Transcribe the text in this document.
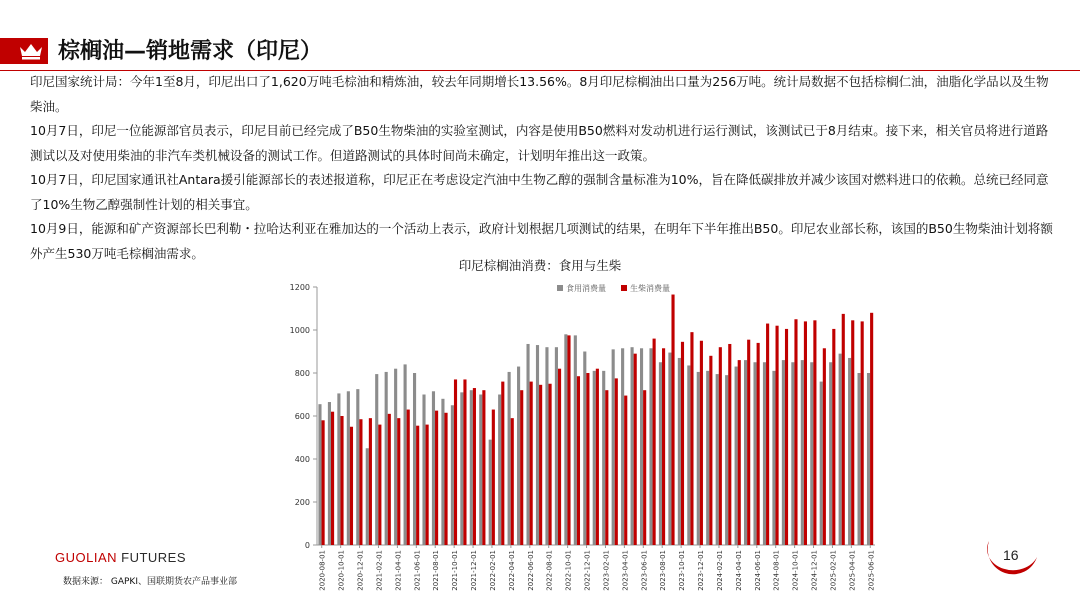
棕榈油—销地需求（印尼）

印尼国家统计局：今年1至8月，印尼出口了1,620万吨毛棕油和精炼油，较去年同期增长13.56%。8月印尼棕榈油出口量为256万吨。统计局数据不包括棕榈仁油，油脂化学品以及生物柴油。

10月7日，印尼一位能源部官员表示，印尼目前已经完成了B50生物柴油的实验室测试，内容是使用B50燃料对发动机进行运行测试，该测试已于8月结束。接下来，相关官员将进行道路测试以及对使用柴油的非汽车类机械设备的测试工作。但道路测试的具体时间尚未确定，计划明年推出这一政策。

10月7日，印尼国家通讯社Antara援引能源部长的表述报道称，印尼正在考虑设定汽油中生物乙醇的强制含量标准为10%，旨在降低碳排放并减少该国对燃料进口的依赖。总统已经同意了10%生物乙醇强制性计划的相关事宜。

10月9日，能源和矿产资源部长巴利勒・拉哈达利亚在雅加达的一个活动上表示，政府计划根据几项测试的结果，在明年下半年推出B50。印尼农业部长称，该国的B50生物柴油计划将额外产生530万吨毛棕榈油需求。

印尼棕榈油消费：食用与生柴
0
200
400
600
800
1000
1200
2020-08-01 2020-10-01 2020-12-01 2021-02-01 2021-04-01 2021-06-01 2021-08-01 2021-10-01 2021-12-01 2022-02-01 2022-04-01 2022-06-01 2022-08-01 2022-10-01 2022-12-01 2023-02-01 2023-04-01 2023-06-01 2023-08-01 2023-10-01 2023-12-01 2024-02-01 2024-04-01 2024-06-01 2024-08-01 2024-10-01 2024-12-01 2025-02-01 2025-04-01 2025-06-01
食用消费量	生柴消费量
GUOLIAN FUTURES
数据来源： GAPKI、国联期货农产品事业部
16
